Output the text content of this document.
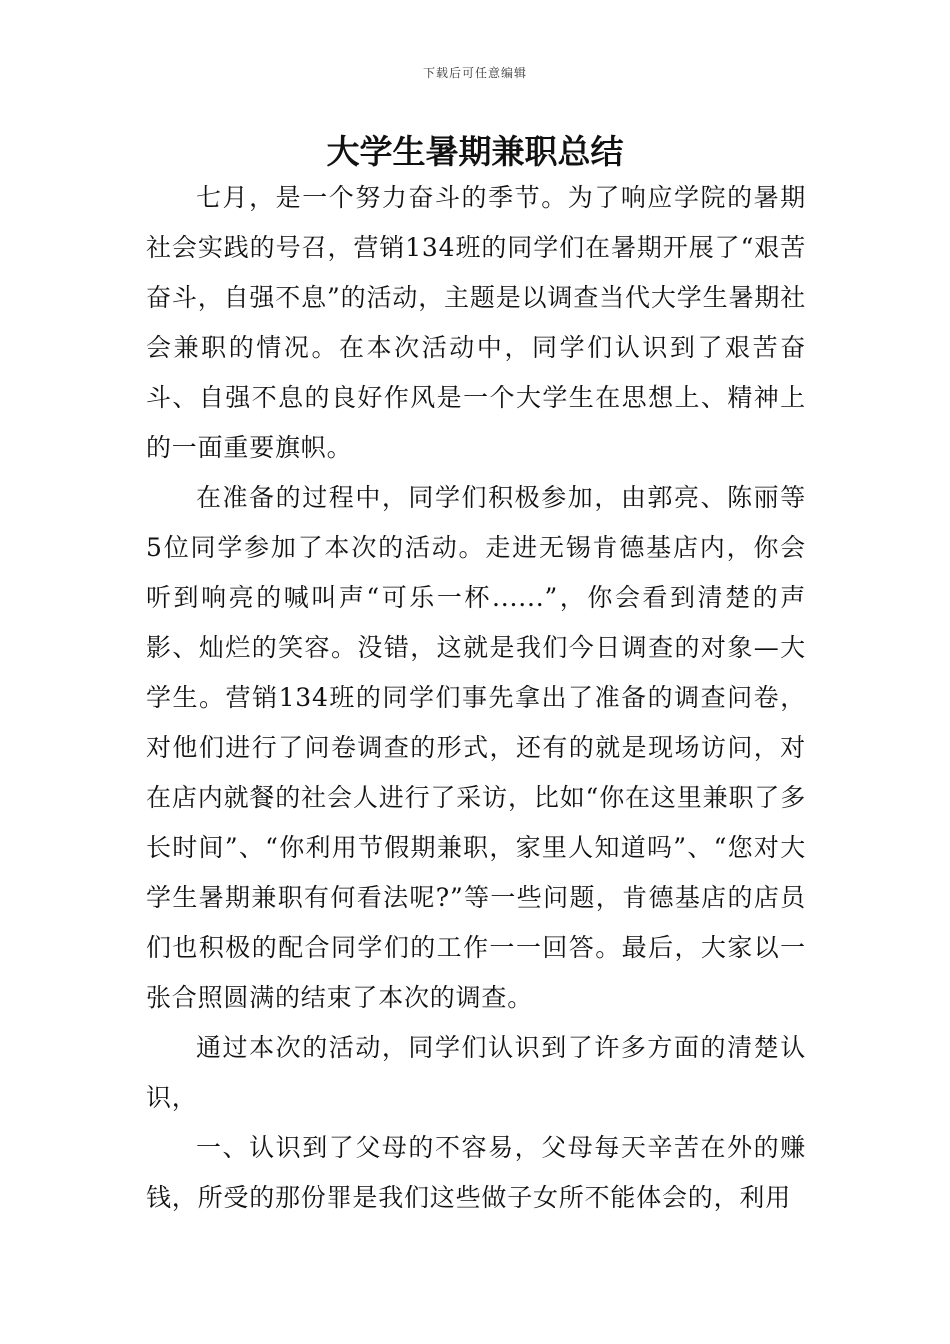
下载后可任意编辑
大学生暑期兼职总结

七月，是一个努力奋斗的季节。为了响应学院的暑期社会实践的号召，营销134班的同学们在暑期开展了“艰苦奋斗，自强不息”的活动，主题是以调查当代大学生暑期社会兼职的情况。在本次活动中，同学们认识到了艰苦奋斗、自强不息的良好作风是一个大学生在思想上、精神上的一面重要旗帜。

在准备的过程中，同学们积极参加，由郭亮、陈丽等5位同学参加了本次的活动。走进无锡肯德基店内，你会听到响亮的喊叫声“可乐一杯......”，你会看到清楚的声影、灿烂的笑容。没错，这就是我们今日调查的对象—大学生。营销134班的同学们事先拿出了准备的调查问卷，对他们进行了问卷调查的形式，还有的就是现场访问，对在店内就餐的社会人进行了采访，比如“你在这里兼职了多长时间”、“你利用节假期兼职，家里人知道吗”、“您对大学生暑期兼职有何看法呢?”等一些问题，肯德基店的店员们也积极的配合同学们的工作一一回答。最后，大家以一张合照圆满的结束了本次的调查。

通过本次的活动，同学们认识到了许多方面的清楚认识，

一、认识到了父母的不容易，父母每天辛苦在外的赚钱，所受的那份罪是我们这些做子女所不能体会的，利用
